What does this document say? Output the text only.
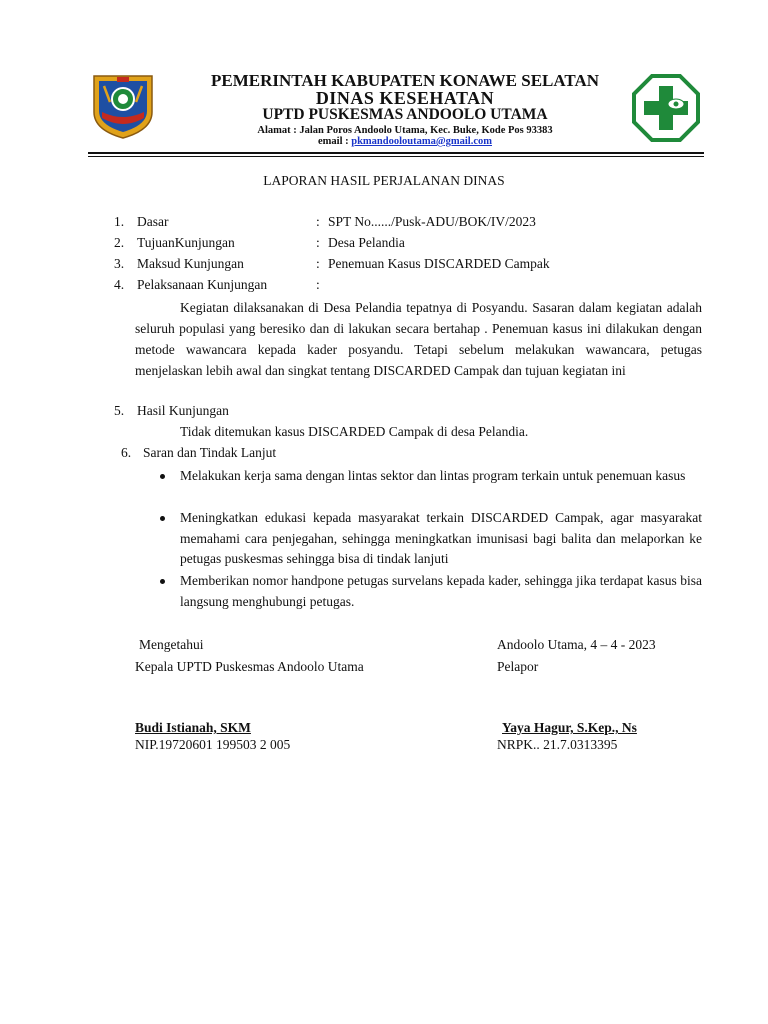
PEMERINTAH KABUPATEN KONAWE SELATAN
DINAS KESEHATAN
UPTD PUSKESMAS ANDOOLO UTAMA
Alamat : Jalan Poros Andoolo Utama, Kec. Buke, Kode Pos 93383
email : pkmandooloutama@gmail.com
LAPORAN HASIL PERJALANAN DINAS
1. Dasar	: SPT No....../Pusk-ADU/BOK/IV/2023
2. TujuanKunjungan	: Desa Pelandia
3. Maksud Kunjungan	: Penemuan Kasus DISCARDED Campak
4. Pelaksanaan Kunjungan	:
Kegiatan dilaksanakan di Desa Pelandia tepatnya di Posyandu. Sasaran dalam kegiatan adalah seluruh populasi yang beresiko dan di lakukan secara bertahap . Penemuan kasus ini dilakukan dengan metode wawancara kepada kader posyandu. Tetapi sebelum melakukan wawancara, petugas menjelaskan lebih awal dan singkat tentang DISCARDED Campak dan tujuan kegiatan ini
5. Hasil Kunjungan
Tidak ditemukan kasus DISCARDED Campak di desa Pelandia.
6. Saran dan Tindak Lanjut
Melakukan kerja sama dengan lintas sektor dan lintas program terkain untuk penemuan kasus
Meningkatkan edukasi kepada masyarakat terkain DISCARDED Campak, agar masyarakat memahami cara penjegahan, sehingga meningkatkan imunisasi bagi balita dan melaporkan ke petugas puskesmas sehingga bisa di tindak lanjuti
Memberikan nomor handpone petugas survelans kepada kader, sehingga jika terdapat kasus bisa langsung menghubungi petugas.
Mengetahui
Kepala UPTD Puskesmas Andoolo Utama
Budi Istianah, SKM
NIP.19720601 199503 2 005
Andoolo Utama, 4 – 4 - 2023
Pelapor
Yaya Hagur, S.Kep., Ns
NRPK.. 21.7.0313395
